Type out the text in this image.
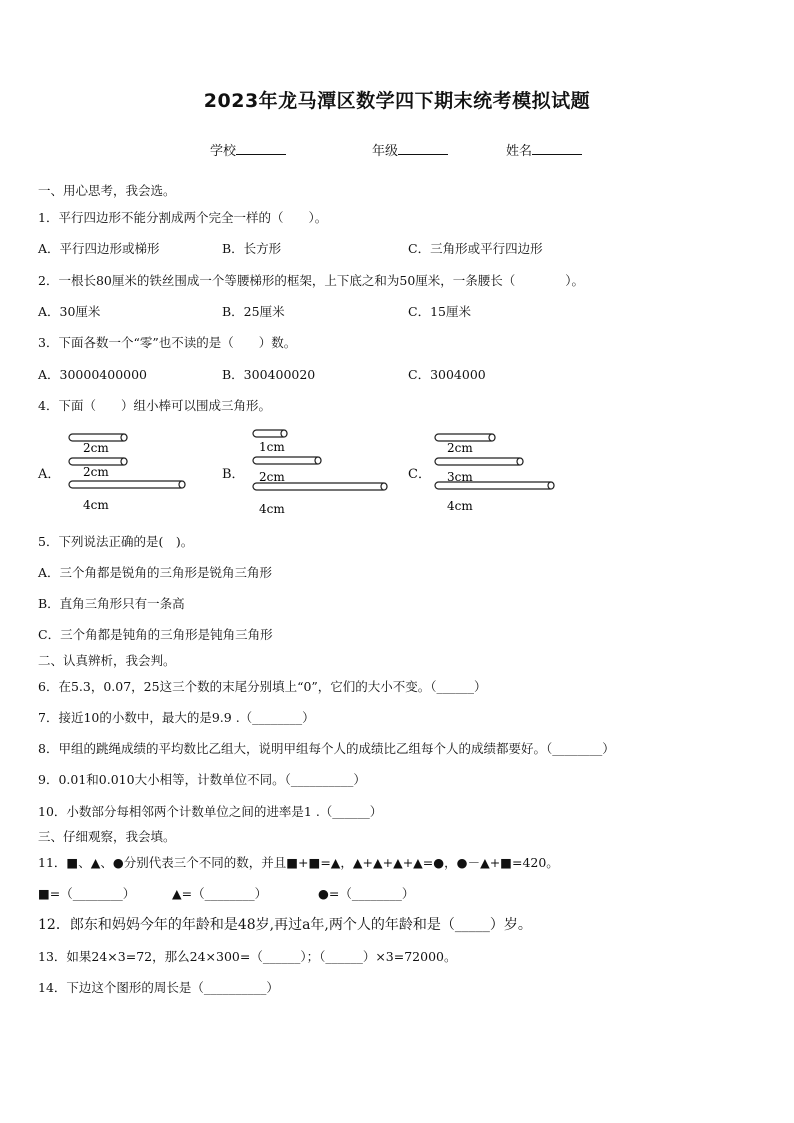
2023年龙马潭区数学四下期末统考模拟试题
学校	年级	姓名
一、用心思考，我会选。
1．平行四边形不能分割成两个完全一样的（　　）。
A．平行四边形或梯形	B．长方形	C．三角形或平行四边形
2．一根长80厘米的铁丝围成一个等腰梯形的框架，上下底之和为50厘米，一条腰长（　　　　）。
A．30厘米	B．25厘米	C．15厘米
3．下面各数一个“零”也不读的是（　　）数。
A．30000400000	B．300400020	C．3004000
4．下面（　　）组小棒可以围成三角形。
A．
2cm
2cm
4cm
B．
1cm
2cm
4cm
C．
2cm
3cm
4cm
5．下列说法正确的是(　)。
A．三个角都是锐角的三角形是锐角三角形
B．直角三角形只有一条高
C．三个角都是钝角的三角形是钝角三角形
二、认真辨析，我会判。
6．在5.3，0.07，25这三个数的末尾分别填上“0”，它们的大小不变。（______）
7．接近10的小数中，最大的是9.9 .（________）
8．甲组的跳绳成绩的平均数比乙组大，说明甲组每个人的成绩比乙组每个人的成绩都要好。（________）
9．0.01和0.010大小相等，计数单位不同。（__________）
10．小数部分每相邻两个计数单位之间的进率是1 .（______）
三、仔细观察，我会填。
11．■、▲、●分别代表三个不同的数，并且■+■=▲，▲+▲+▲+▲=●，●－▲+■=420。
■=（________）	▲=（________）	●=（________）
12．郎东和妈妈今年的年龄和是48岁,再过a年,两个人的年龄和是（_____）岁。
13．如果24×3=72，那么24×300=（______）；（______）×3=72000。
14．下边这个图形的周长是（__________）
